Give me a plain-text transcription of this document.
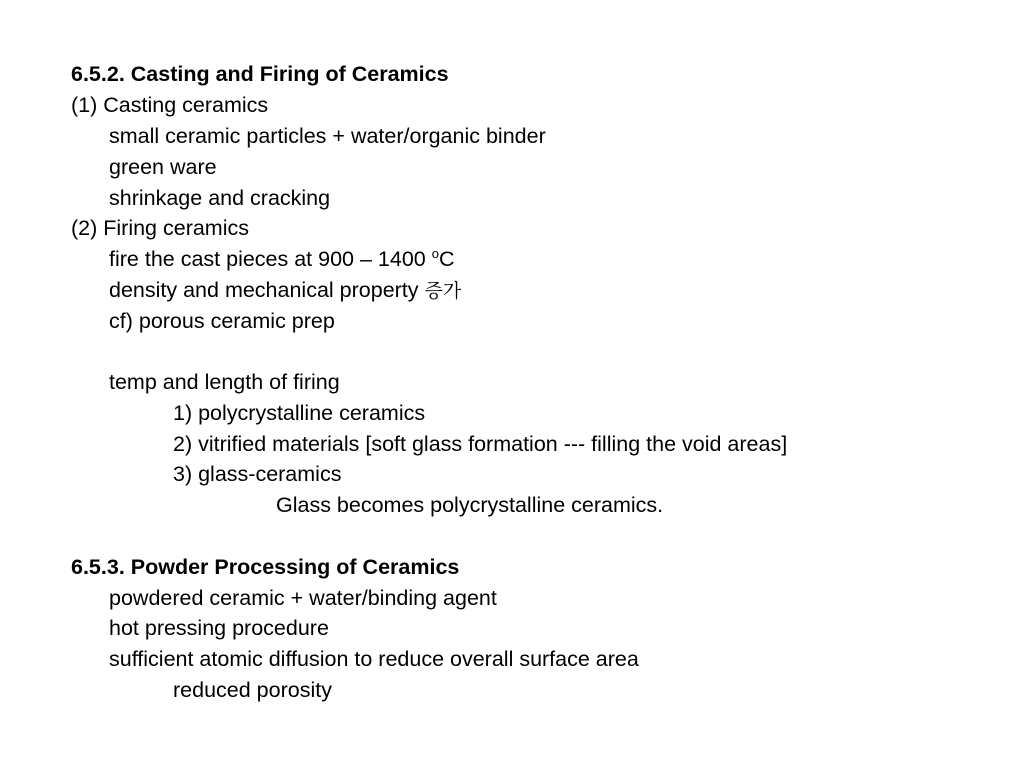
6.5.2. Casting and Firing of Ceramics
(1) Casting ceramics
small ceramic particles + water/organic binder
green ware
shrinkage and cracking
(2) Firing ceramics
fire the cast pieces at 900 – 1400 $^o$C
density and mechanical property 증가
cf) porous ceramic prep
temp and length of firing
1) polycrystalline ceramics
2) vitrified materials [soft glass formation --- filling the void areas]
3) glass-ceramics
Glass becomes polycrystalline ceramics.
6.5.3. Powder Processing of Ceramics
powdered ceramic + water/binding agent
hot pressing procedure
sufficient atomic diffusion to reduce overall surface area
reduced porosity
